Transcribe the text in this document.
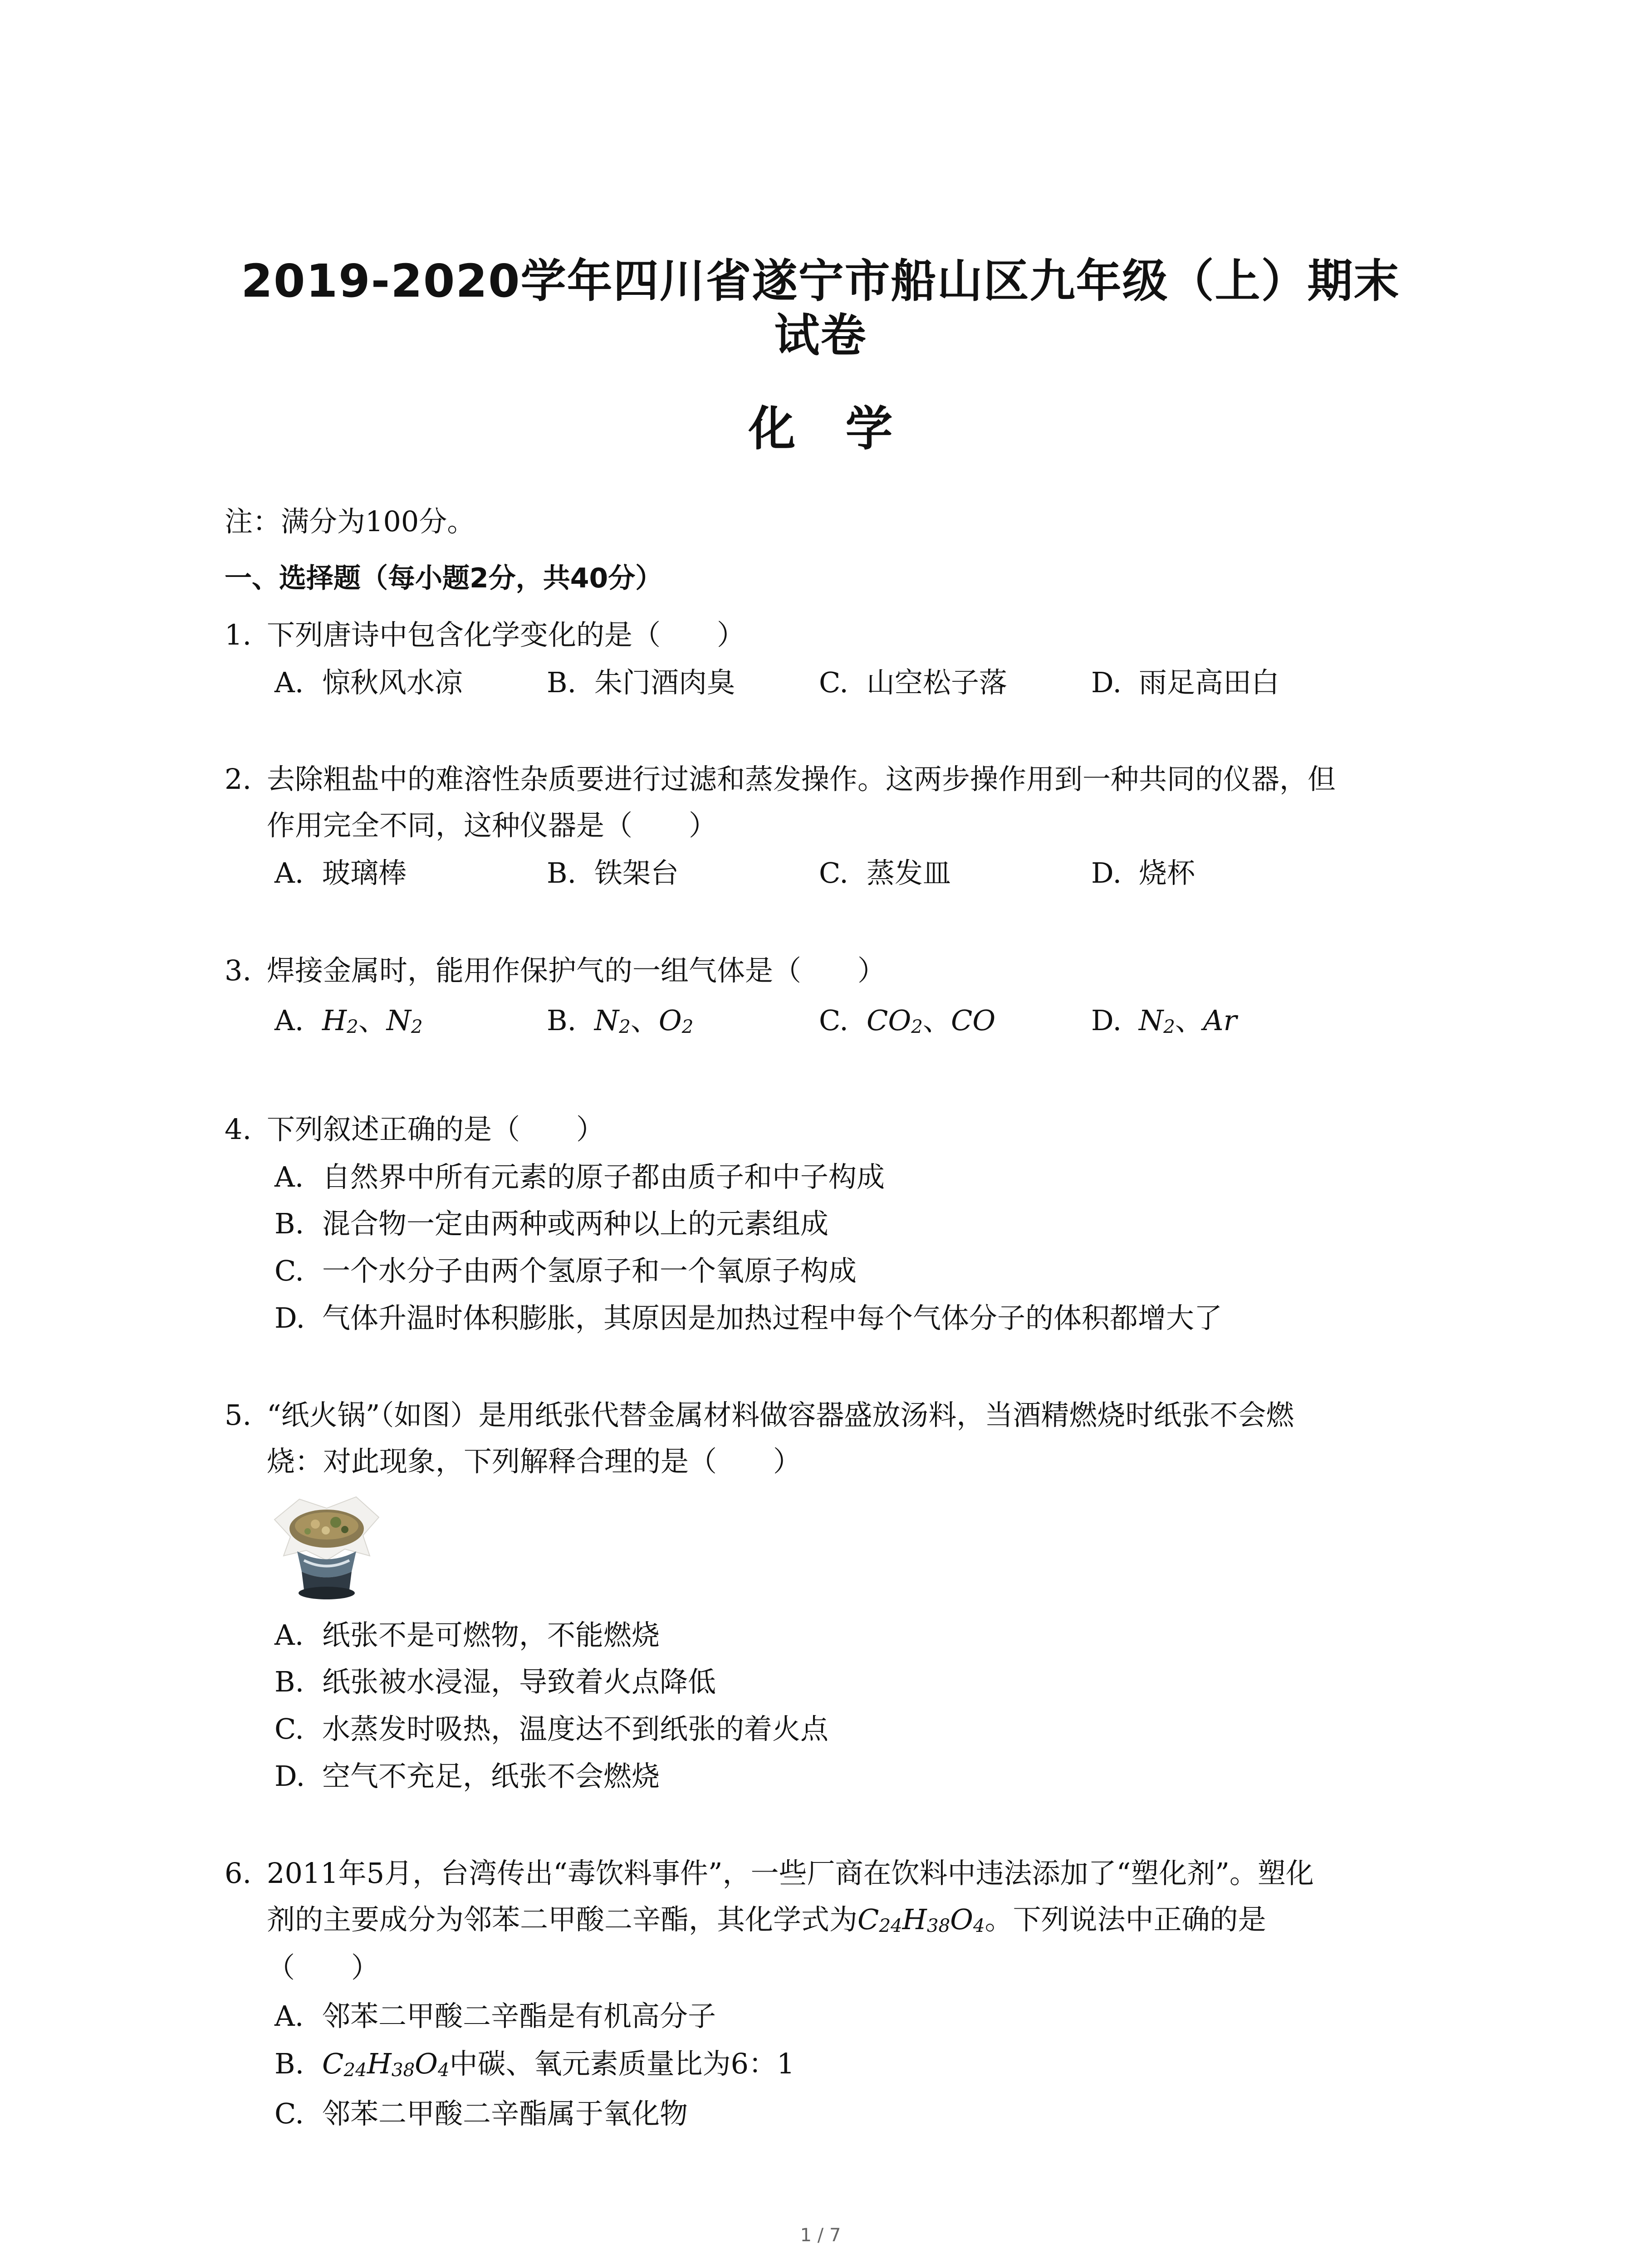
2019-2020学年四川省遂宁市船山区九年级（上）期末
试卷
化学
注：满分为100分。
一、选择题（每小题2分，共40分）
1. 下列唐诗中包含化学变化的是（　　）
A. 惊秋风水凉	B. 朱门酒肉臭	C. 山空松子落	D. 雨足高田白
2. 去除粗盐中的难溶性杂质要进行过滤和蒸发操作。这两步操作用到一种共同的仪器，但
作用完全不同，这种仪器是（　　）
A. 玻璃棒	B. 铁架台	C. 蒸发皿	D. 烧杯
3. 焊接金属时，能用作保护气的一组气体是（　　）
A. $H_2$、$N_2$	B. $N_2$、$O_2$	C. $CO_2$、CO	D. $N_2$、Ar
4. 下列叙述正确的是（　　）
A. 自然界中所有元素的原子都由质子和中子构成
B. 混合物一定由两种或两种以上的元素组成
C. 一个水分子由两个氢原子和一个氧原子构成
D. 气体升温时体积膨胀，其原因是加热过程中每个气体分子的体积都增大了
5. “纸火锅”（如图）是用纸张代替金属材料做容器盛放汤料，当酒精燃烧时纸张不会燃
烧：对此现象，下列解释合理的是（　　）
A. 纸张不是可燃物，不能燃烧
B. 纸张被水浸湿，导致着火点降低
C. 水蒸发时吸热，温度达不到纸张的着火点
D. 空气不充足，纸张不会燃烧
6. 2011年5月，台湾传出“毒饮料事件”，一些厂商在饮料中违法添加了“塑化剂”。塑化
剂的主要成分为邻苯二甲酸二辛酯，其化学式为$C_{24}H_{38}O_4$。下列说法中正确的是
（　　）
A. 邻苯二甲酸二辛酯是有机高分子
B. $C_{24}H_{38}O_4$中碳、氧元素质量比为6：1
C. 邻苯二甲酸二辛酯属于氧化物
1 / 7
